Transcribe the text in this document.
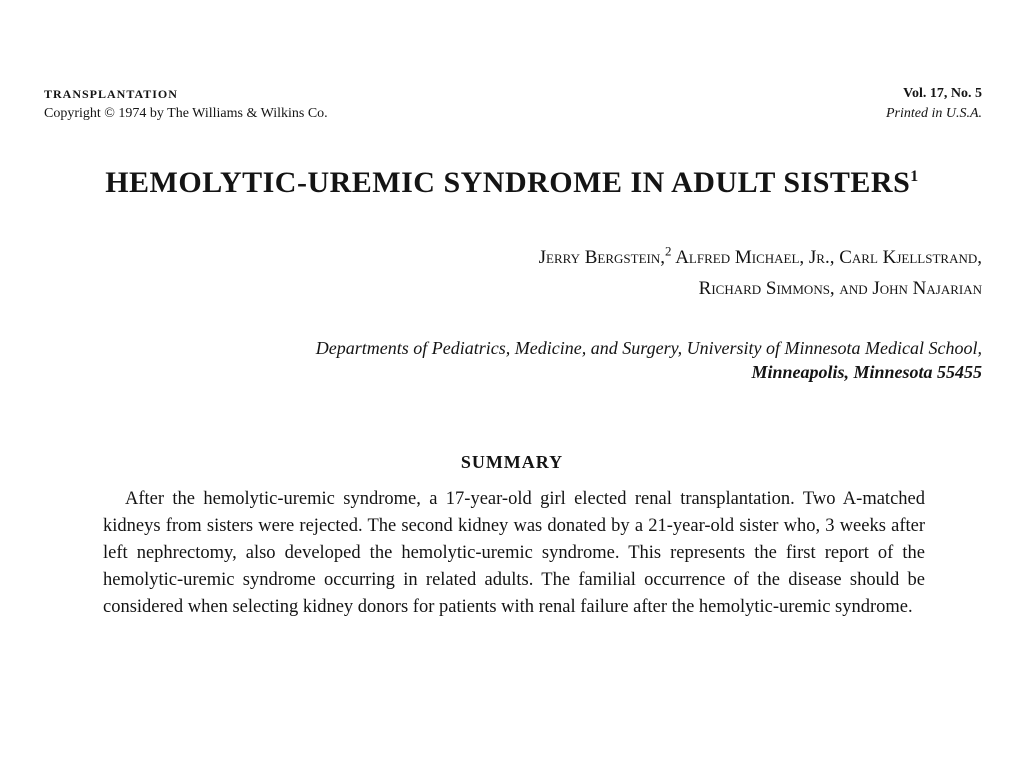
TRANSPLANTATION
Copyright © 1974 by The Williams & Wilkins Co.
Vol. 17, No. 5
Printed in U.S.A.
HEMOLYTIC-UREMIC SYNDROME IN ADULT SISTERS$^1$
Jerry Bergstein,$^2$ Alfred Michael, Jr., Carl Kjellstrand,
Richard Simmons, and John Najarian
Departments of Pediatrics, Medicine, and Surgery, University of Minnesota Medical School,
Minneapolis, Minnesota 55455
SUMMARY

After the hemolytic-uremic syndrome, a 17-year-old girl elected renal transplantation. Two A-matched kidneys from sisters were rejected. The second kidney was donated by a 21-year-old sister who, 3 weeks after left nephrectomy, also developed the hemolytic-uremic syndrome. This represents the first report of the hemolytic-uremic syndrome occurring in related adults. The familial occurrence of the disease should be considered when selecting kidney donors for patients with renal failure after the hemolytic-uremic syndrome.
